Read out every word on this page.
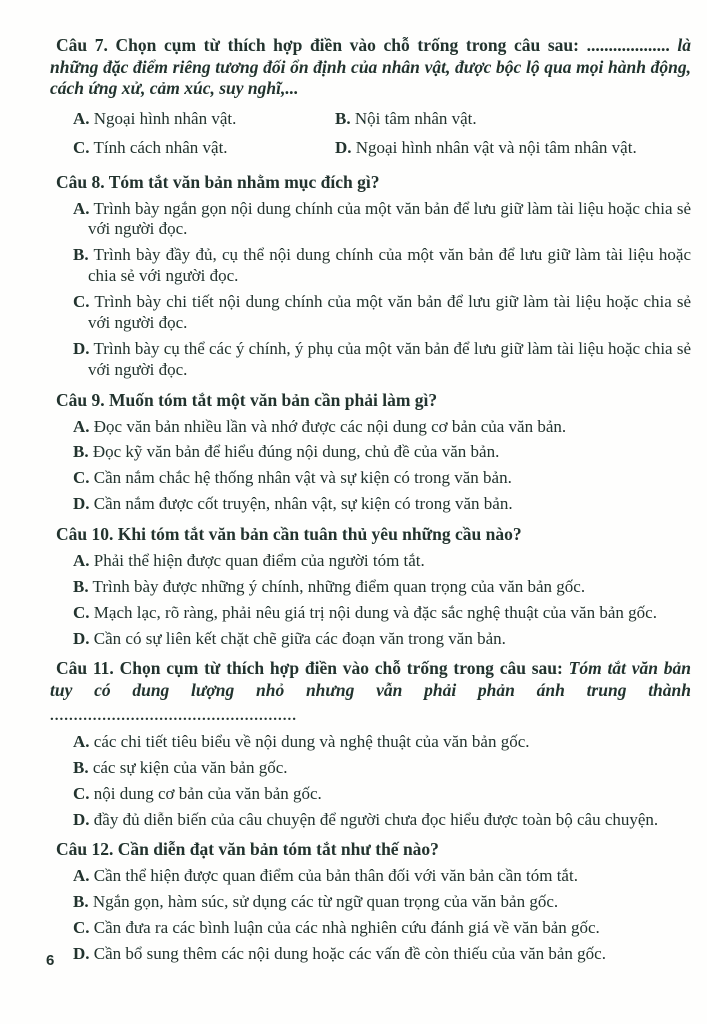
Câu 7. Chọn cụm từ thích hợp điền vào chỗ trống trong câu sau: ................... là những đặc điểm riêng tương đối ổn định của nhân vật, được bộc lộ qua mọi hành động, cách ứng xử, cảm xúc, suy nghĩ,...

A. Ngoại hình nhân vật.	B. Nội tâm nhân vật.

C. Tính cách nhân vật.	D. Ngoại hình nhân vật và nội tâm nhân vật.

Câu 8. Tóm tắt văn bản nhằm mục đích gì?

A. Trình bày ngắn gọn nội dung chính của một văn bản để lưu giữ làm tài liệu hoặc chia sẻ với người đọc.

B. Trình bày đầy đủ, cụ thể nội dung chính của một văn bản để lưu giữ làm tài liệu hoặc chia sẻ với người đọc.

C. Trình bày chi tiết nội dung chính của một văn bản để lưu giữ làm tài liệu hoặc chia sẻ với người đọc.

D. Trình bày cụ thể các ý chính, ý phụ của một văn bản để lưu giữ làm tài liệu hoặc chia sẻ với người đọc.

Câu 9. Muốn tóm tắt một văn bản cần phải làm gì?

A. Đọc văn bản nhiều lần và nhớ được các nội dung cơ bản của văn bản.

B. Đọc kỹ văn bản để hiểu đúng nội dung, chủ đề của văn bản.

C. Cần nắm chắc hệ thống nhân vật và sự kiện có trong văn bản.

D. Cần nắm được cốt truyện, nhân vật, sự kiện có trong văn bản.

Câu 10. Khi tóm tắt văn bản cần tuân thủ yêu những cầu nào?

A. Phải thể hiện được quan điểm của người tóm tắt.

B. Trình bày được những ý chính, những điểm quan trọng của văn bản gốc.

C. Mạch lạc, rõ ràng, phải nêu giá trị nội dung và đặc sắc nghệ thuật của văn bản gốc.

D. Cần có sự liên kết chặt chẽ giữa các đoạn văn trong văn bản.

Câu 11. Chọn cụm từ thích hợp điền vào chỗ trống trong câu sau: Tóm tắt văn bản tuy có dung lượng nhỏ nhưng vẫn phải phản ánh trung thành

....................................................

A. các chi tiết tiêu biểu về nội dung và nghệ thuật của văn bản gốc.

B. các sự kiện của văn bản gốc.

C. nội dung cơ bản của văn bản gốc.

D. đầy đủ diễn biến của câu chuyện để người chưa đọc hiểu được toàn bộ câu chuyện.

Câu 12. Cần diễn đạt văn bản tóm tắt như thế nào?

A. Cần thể hiện được quan điểm của bản thân đối với văn bản cần tóm tắt.

B. Ngắn gọn, hàm súc, sử dụng các từ ngữ quan trọng của văn bản gốc.

C. Cần đưa ra các bình luận của các nhà nghiên cứu đánh giá về văn bản gốc.

D. Cần bổ sung thêm các nội dung hoặc các vấn đề còn thiếu của văn bản gốc.

6
